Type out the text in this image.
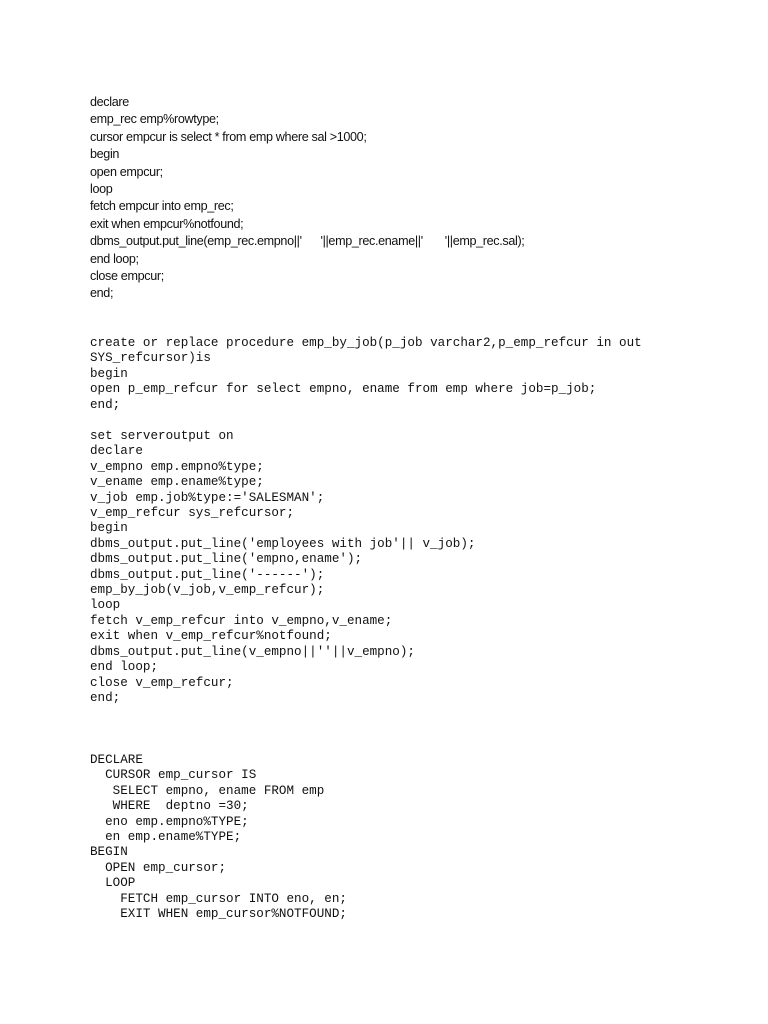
declare
emp_rec emp%rowtype;
cursor empcur is select * from emp where sal >1000;
begin
open empcur;
loop
fetch empcur into emp_rec;
exit when empcur%notfound;
dbms_output.put_line(emp_rec.empno||'      '||emp_rec.ename||'       '||emp_rec.sal);
end loop;
close empcur;
end;
create or replace procedure emp_by_job(p_job varchar2,p_emp_refcur in out
SYS_refcursor)is
begin
open p_emp_refcur for select empno, ename from emp where job=p_job;
end;
set serveroutput on
declare
v_empno emp.empno%type;
v_ename emp.ename%type;
v_job emp.job%type:='SALESMAN';
v_emp_refcur sys_refcursor;
begin
dbms_output.put_line('employees with job'|| v_job);
dbms_output.put_line('empno,ename');
dbms_output.put_line('------');
emp_by_job(v_job,v_emp_refcur);
loop
fetch v_emp_refcur into v_empno,v_ename;
exit when v_emp_refcur%notfound;
dbms_output.put_line(v_empno||''||v_empno);
end loop;
close v_emp_refcur;
end;
DECLARE
CURSOR emp_cursor IS
SELECT empno, ename FROM emp
WHERE  deptno =30;
eno emp.empno%TYPE;
en emp.ename%TYPE;
BEGIN
OPEN emp_cursor;
LOOP
FETCH emp_cursor INTO eno, en;
EXIT WHEN emp_cursor%NOTFOUND;
